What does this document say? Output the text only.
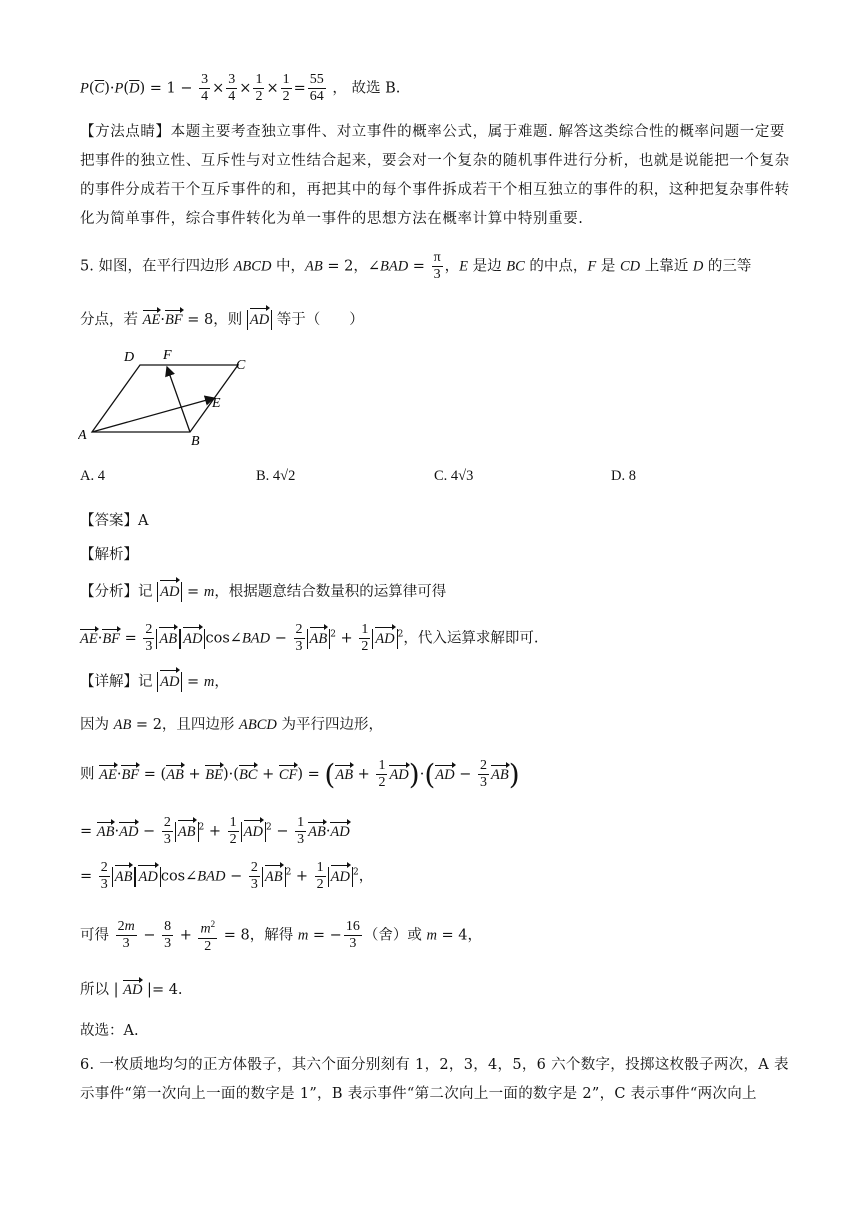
$P(\overline{C})\cdot P(\overline{D}) = 1 - \frac{3}{4} \times \frac{3}{4} \times \frac{1}{2} \times \frac{1}{2} = \frac{55}{64}$ ， 故选 B.
【方法点睛】本题主要考查独立事件、对立事件的概率公式，属于难题. 解答这类综合性的概率问题一定要把事件的独立性、互斥性与对立性结合起来，要会对一个复杂的随机事件进行分析，也就是说能把一个复杂的事件分成若干个互斥事件的和，再把其中的每个事件拆成若干个相互独立的事件的积，这种把复杂事件转化为简单事件，综合事件转化为单一事件的思想方法在概率计算中特别重要.
5. 如图，在平行四边形 ABCD 中，AB = 2，∠BAD = $\frac{\pi}{3}$ ，E 是边 BC 的中点，F 是 CD 上靠近 D 的三等
分点，若 AE·BF = 8，则 AD 等于（　　）
A	B
C
D
E
F
A. 4	B. 4√2	C. 4√3	D. 8
【答案】A
【解析】
【分析】记 AD = m，根据题意结合数量积的运算律可得
$AE\cdot BF = \frac{2}{3}$ AB AD cos∠BAD − $\frac{2}{3}$ AB $^2 + \frac{1}{2}$ AD $^2$，代入运算求解即可.
【详解】记 AD = m，
因为 AB = 2，且四边形 ABCD 为平行四边形，
则 $AE\cdot BF = (AB + BE)\cdot(BC + CF) = (AB + \frac{1}{2} AD)\cdot(AD - \frac{2}{3} AB)$
= $AB\cdot AD - \frac{2}{3}$ AB $^2 + \frac{1}{2}$ AD $^2 - \frac{1}{3} AB\cdot AD$
= $\frac{2}{3}$ AB AD cos∠BAD − $\frac{2}{3}$ AB $^2 + \frac{1}{2}$ AD $^2$，
可得 $\frac{2m}{3} - \frac{8}{3} + \frac{m^2}{2} = 8$，解得 m = − $\frac{16}{3}$ （舍）或 m = 4，
所以 | AD |= 4.
故选：A.
6. 一枚质地均匀的正方体骰子，其六个面分别刻有 1，2，3，4，5，6 六个数字，投掷这枚骰子两次，A 表示事件“第一次向上一面的数字是 1”，B 表示事件“第二次向上一面的数字是 2”，C 表示事件“两次向上
